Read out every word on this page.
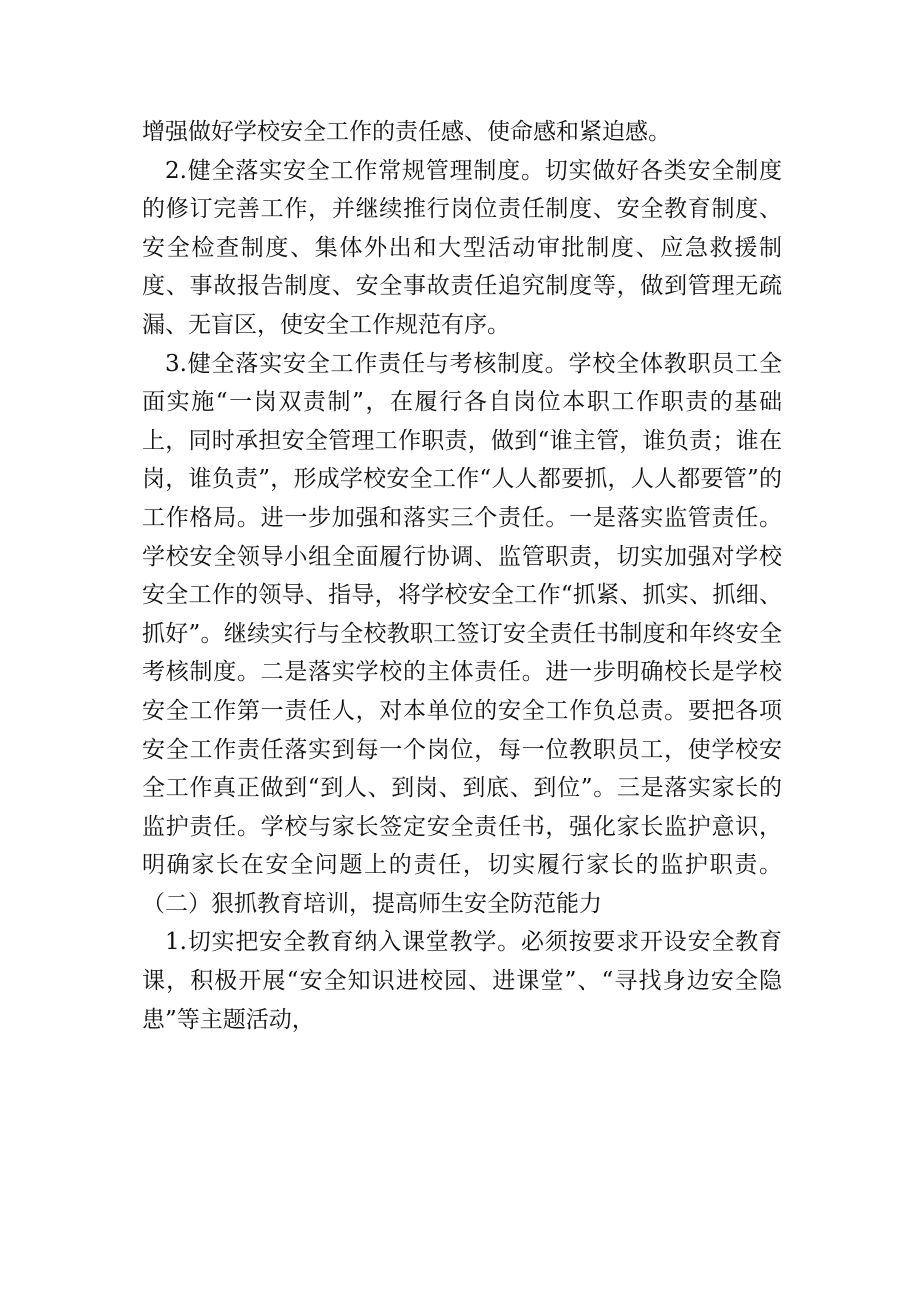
增强做好学校安全工作的责任感、使命感和紧迫感。

2.健全落实安全工作常规管理制度。切实做好各类安全制度的修订完善工作，并继续推行岗位责任制度、安全教育制度、安全检查制度、集体外出和大型活动审批制度、应急救援制度、事故报告制度、安全事故责任追究制度等，做到管理无疏漏、无盲区，使安全工作规范有序。

3.健全落实安全工作责任与考核制度。学校全体教职员工全面实施“一岗双责制”，在履行各自岗位本职工作职责的基础上，同时承担安全管理工作职责，做到“谁主管，谁负责；谁在岗，谁负责”，形成学校安全工作“人人都要抓，人人都要管”的工作格局。进一步加强和落实三个责任。一是落实监管责任。学校安全领导小组全面履行协调、监管职责，切实加强对学校安全工作的领导、指导，将学校安全工作“抓紧、抓实、抓细、抓好”。继续实行与全校教职工签订安全责任书制度和年终安全考核制度。二是落实学校的主体责任。进一步明确校长是学校安全工作第一责任人，对本单位的安全工作负总责。要把各项安全工作责任落实到每一个岗位，每一位教职员工，使学校安全工作真正做到“到人、到岗、到底、到位”。三是落实家长的监护责任。学校与家长签定安全责任书，强化家长监护意识，明确家长在安全问题上的责任，切实履行家长的监护职责。 （二）狠抓教育培训，提高师生安全防范能力

1.切实把安全教育纳入课堂教学。必须按要求开设安全教育课，积极开展“安全知识进校园、进课堂”、“寻找身边安全隐患”等主题活动，
